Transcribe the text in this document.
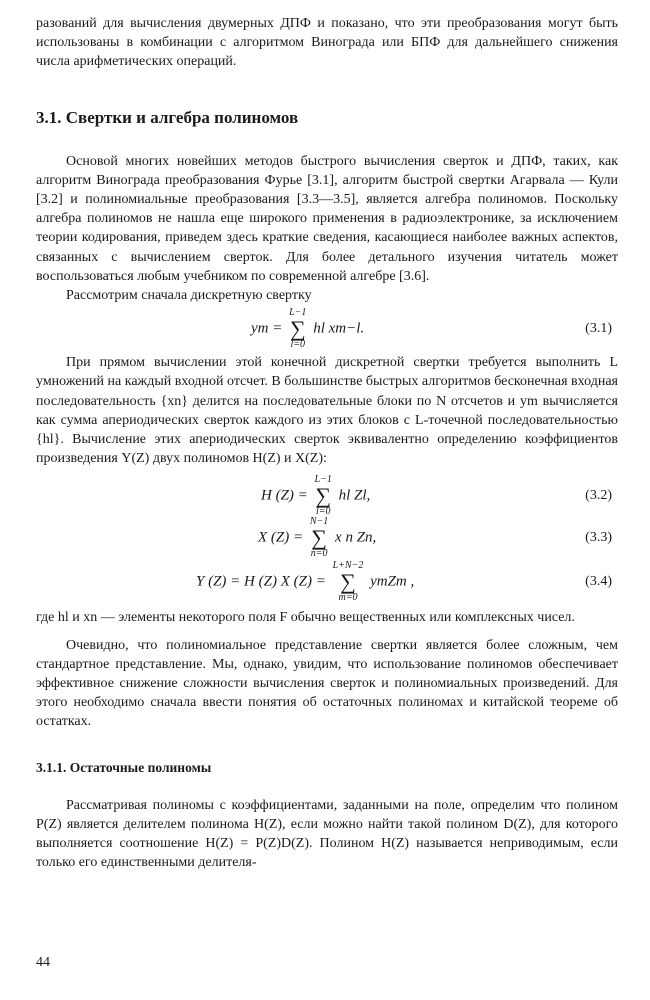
разований для вычисления двумерных ДПФ и показано, что эти преобразования могут быть использованы в комбинации с алгоритмом Винограда или БПФ для дальнейшего снижения числа арифметических операций.

3.1. Свертки и алгебра полиномов

Основой многих новейших методов быстрого вычисления сверток и ДПФ, таких, как алгоритм Винограда преобразования Фурье [3.1], алгоритм быстрой свертки Агарвала — Кули [3.2] и полиномиальные преобразования [3.3—3.5], является алгебра полиномов. Поскольку алгебра полиномов не нашла еще широкого применения в радиоэлектронике, за исключением теории кодирования, приведем здесь краткие сведения, касающиеся наиболее важных аспектов, связанных с вычислением сверток. Для более детального изучения читатель может воспользоваться любым учебником по современной алгебре [3.6].

Рассмотрим сначала дискретную свертку

ym =
L−1
∑
l=0
hl xm−l.	(3.1)

При прямом вычислении этой конечной дискретной свертки требуется выполнить L умножений на каждый входной отсчет. В большинстве быстрых алгоритмов бесконечная входная последовательность {xn} делится на последовательные блоки по N отсчетов и ym вычисляется как сумма апериодических сверток каждого из этих блоков с L-точечной последовательностью {hl}. Вычисление этих апериодических сверток эквивалентно определению коэффициентов произведения Y(Z) двух полиномов H(Z) и X(Z):

H (Z) =
L−1
∑
l=0
hl Zl,	(3.2)
X (Z) =
N−1
∑
n=0
x n Zn,	(3.3)
Y (Z) = H (Z) X (Z) =
L+N−2
∑
m=0
ymZm ,	(3.4)

где hl и xn — элементы некоторого поля F обычно вещественных или комплексных чисел.

Очевидно, что полиномиальное представление свертки является более сложным, чем стандартное представление. Мы, однако, увидим, что использование полиномов обеспечивает эффективное снижение сложности вычисления сверток и полиномиальных произведений. Для этого необходимо сначала ввести понятия об остаточных полиномах и китайской теореме об остатках.

3.1.1. Остаточные полиномы

Рассматривая полиномы с коэффициентами, заданными на поле, определим что полином P(Z) является делителем полинома H(Z), если можно найти такой полином D(Z), для которого выполняется соотношение H(Z) = P(Z)D(Z). Полином H(Z) называется неприводимым, если только его единственными делителя-

44
